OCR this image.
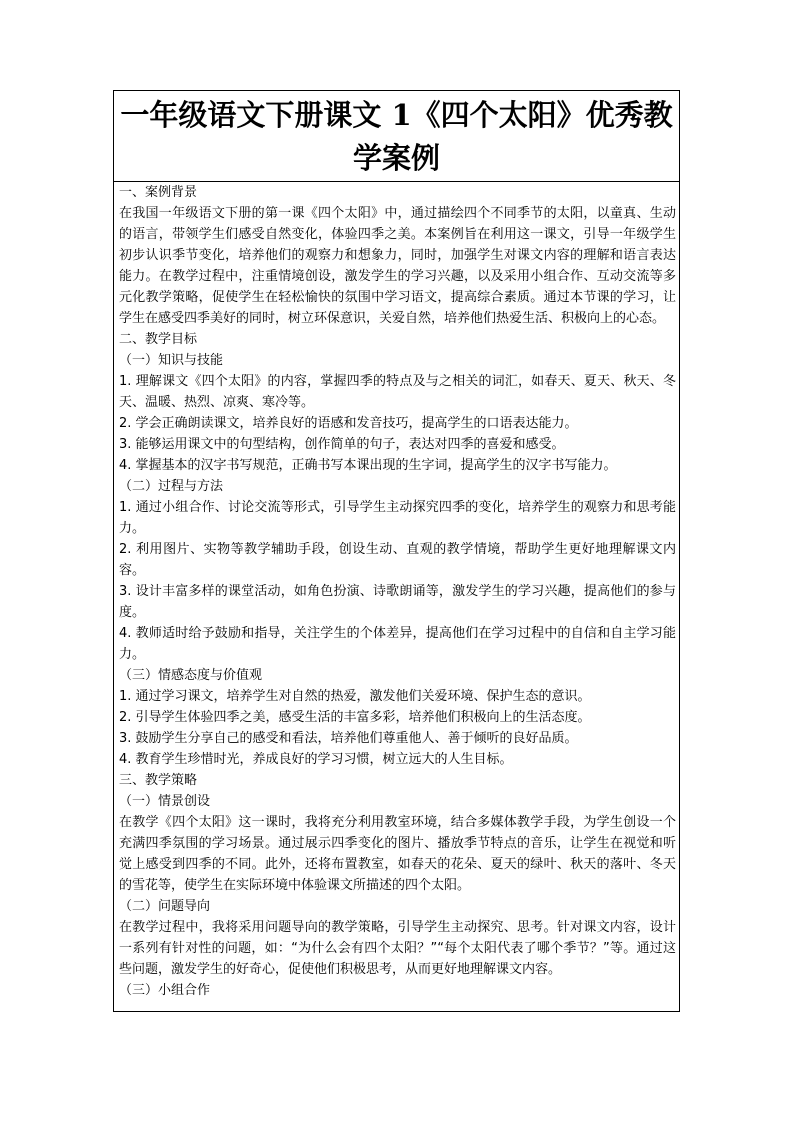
一年级语文下册课文 1《四个太阳》优秀教学案例

一、案例背景

在我国一年级语文下册的第一课《四个太阳》中，通过描绘四个不同季节的太阳，以童真、生动的语言，带领学生们感受自然变化，体验四季之美。本案例旨在利用这一课文，引导一年级学生初步认识季节变化，培养他们的观察力和想象力，同时，加强学生对课文内容的理解和语言表达能力。在教学过程中，注重情境创设，激发学生的学习兴趣，以及采用小组合作、互动交流等多元化教学策略，促使学生在轻松愉快的氛围中学习语文，提高综合素质。通过本节课的学习，让学生在感受四季美好的同时，树立环保意识，关爱自然，培养他们热爱生活、积极向上的心态。

二、教学目标

（一）知识与技能

1. 理解课文《四个太阳》的内容，掌握四季的特点及与之相关的词汇，如春天、夏天、秋天、冬天、温暖、热烈、凉爽、寒冷等。

2. 学会正确朗读课文，培养良好的语感和发音技巧，提高学生的口语表达能力。

3. 能够运用课文中的句型结构，创作简单的句子，表达对四季的喜爱和感受。

4. 掌握基本的汉字书写规范，正确书写本课出现的生字词，提高学生的汉字书写能力。

（二）过程与方法

1. 通过小组合作、讨论交流等形式，引导学生主动探究四季的变化，培养学生的观察力和思考能力。

2. 利用图片、实物等教学辅助手段，创设生动、直观的教学情境，帮助学生更好地理解课文内容。

3. 设计丰富多样的课堂活动，如角色扮演、诗歌朗诵等，激发学生的学习兴趣，提高他们的参与度。

4. 教师适时给予鼓励和指导，关注学生的个体差异，提高他们在学习过程中的自信和自主学习能力。

（三）情感态度与价值观

1. 通过学习课文，培养学生对自然的热爱，激发他们关爱环境、保护生态的意识。

2. 引导学生体验四季之美，感受生活的丰富多彩，培养他们积极向上的生活态度。

3. 鼓励学生分享自己的感受和看法，培养他们尊重他人、善于倾听的良好品质。

4. 教育学生珍惜时光，养成良好的学习习惯，树立远大的人生目标。

三、教学策略

（一）情景创设

在教学《四个太阳》这一课时，我将充分利用教室环境，结合多媒体教学手段，为学生创设一个充满四季氛围的学习场景。通过展示四季变化的图片、播放季节特点的音乐，让学生在视觉和听觉上感受到四季的不同。此外，还将布置教室，如春天的花朵、夏天的绿叶、秋天的落叶、冬天的雪花等，使学生在实际环境中体验课文所描述的四个太阳。

（二）问题导向

在教学过程中，我将采用问题导向的教学策略，引导学生主动探究、思考。针对课文内容，设计一系列有针对性的问题，如：“为什么会有四个太阳？”“每个太阳代表了哪个季节？”等。通过这些问题，激发学生的好奇心，促使他们积极思考，从而更好地理解课文内容。

（三）小组合作
